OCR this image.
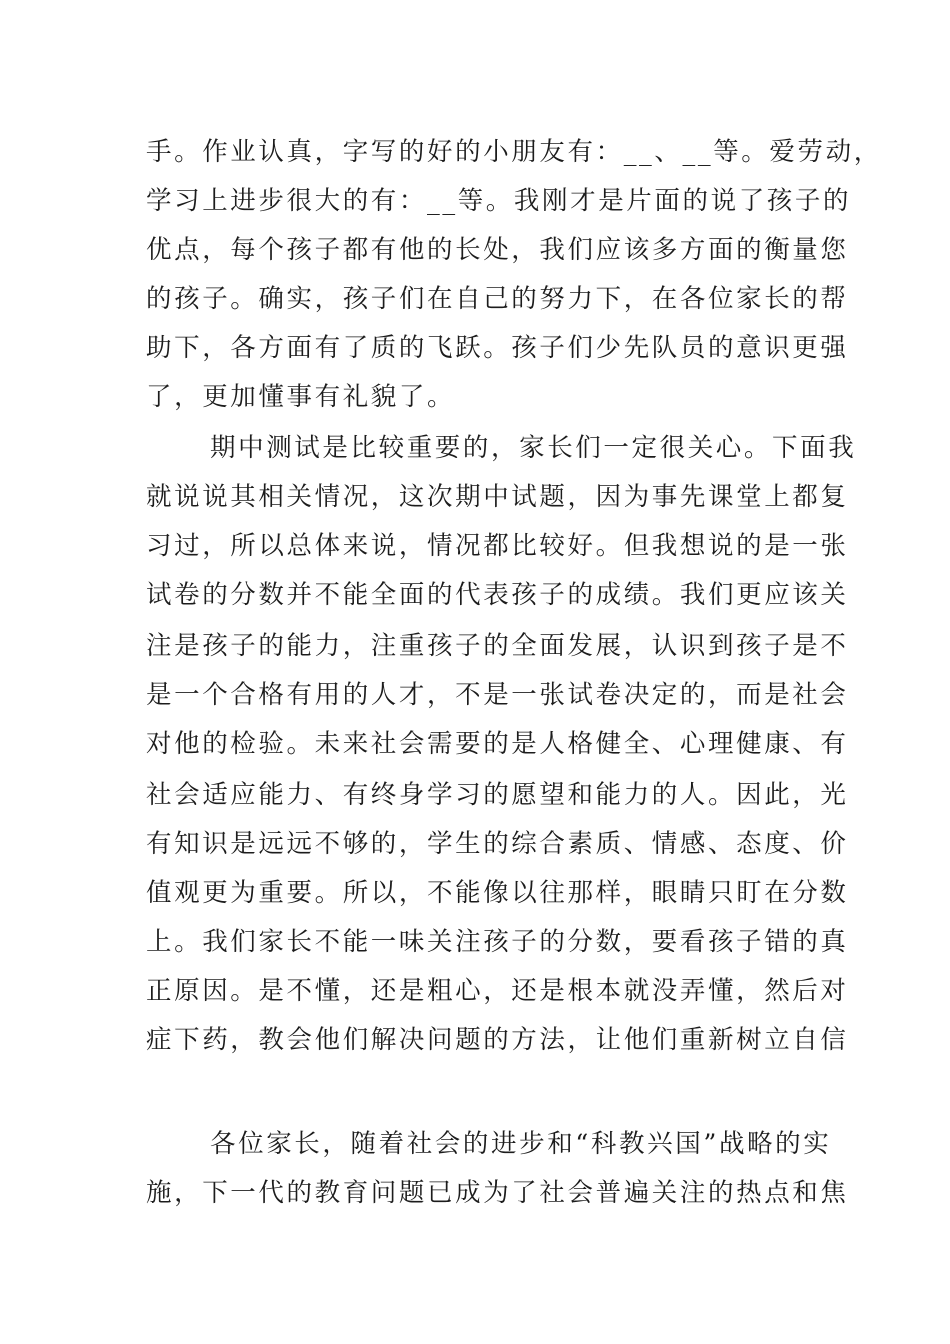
手。作业认真，字写的好的小朋友有：__、__等。爱劳动，
学习上进步很大的有：__等。我刚才是片面的说了孩子的
优点，每个孩子都有他的长处，我们应该多方面的衡量您
的孩子。确实，孩子们在自己的努力下，在各位家长的帮
助下，各方面有了质的飞跃。孩子们少先队员的意识更强
了，更加懂事有礼貌了。
期中测试是比较重要的，家长们一定很关心。下面我
就说说其相关情况，这次期中试题，因为事先课堂上都复
习过，所以总体来说，情况都比较好。但我想说的是一张
试卷的分数并不能全面的代表孩子的成绩。我们更应该关
注是孩子的能力，注重孩子的全面发展，认识到孩子是不
是一个合格有用的人才，不是一张试卷决定的，而是社会
对他的检验。未来社会需要的是人格健全、心理健康、有
社会适应能力、有终身学习的愿望和能力的人。因此，光
有知识是远远不够的，学生的综合素质、情感、态度、价
值观更为重要。所以，不能像以往那样，眼睛只盯在分数
上。我们家长不能一味关注孩子的分数，要看孩子错的真
正原因。是不懂，还是粗心，还是根本就没弄懂，然后对
症下药，教会他们解决问题的方法，让他们重新树立自信
各位家长，随着社会的进步和“科教兴国”战略的实
施，下一代的教育问题已成为了社会普遍关注的热点和焦
